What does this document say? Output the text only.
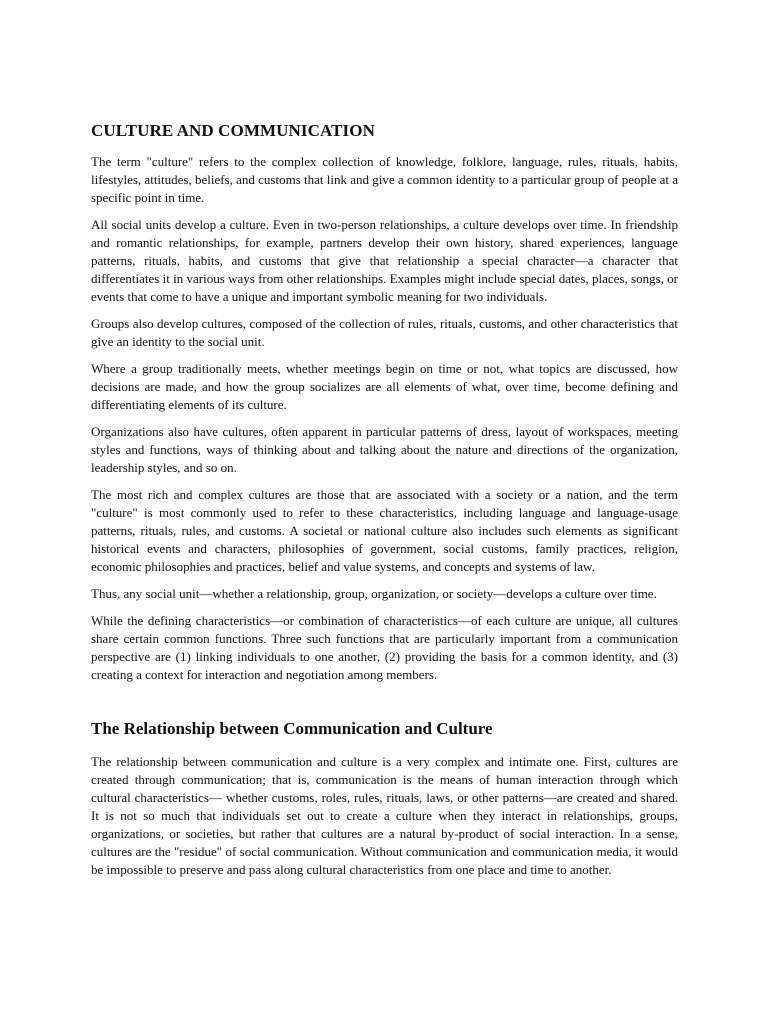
CULTURE AND COMMUNICATION

The term "culture" refers to the complex collection of knowledge, folklore, language, rules, rituals, habits, lifestyles, attitudes, beliefs, and customs that link and give a common identity to a particular group of people at a specific point in time.

All social units develop a culture. Even in two-person relationships, a culture develops over time. In friendship and romantic relationships, for example, partners develop their own history, shared experiences, language patterns, rituals, habits, and customs that give that relationship a special character—a character that differentiates it in various ways from other relationships. Examples might include special dates, places, songs, or events that come to have a unique and important symbolic meaning for two individuals.

Groups also develop cultures, composed of the collection of rules, rituals, customs, and other characteristics that give an identity to the social unit.

Where a group traditionally meets, whether meetings begin on time or not, what topics are discussed, how decisions are made, and how the group socializes are all elements of what, over time, become defining and differentiating elements of its culture.

Organizations also have cultures, often apparent in particular patterns of dress, layout of workspaces, meeting styles and functions, ways of thinking about and talking about the nature and directions of the organization, leadership styles, and so on.

The most rich and complex cultures are those that are associated with a society or a nation, and the term "culture" is most commonly used to refer to these characteristics, including language and language-usage patterns, rituals, rules, and customs. A societal or national culture also includes such elements as significant historical events and characters, philosophies of government, social customs, family practices, religion, economic philosophies and practices, belief and value systems, and concepts and systems of law.

Thus, any social unit—whether a relationship, group, organization, or society—develops a culture over time.

While the defining characteristics—or combination of characteristics—of each culture are unique, all cultures share certain common functions. Three such functions that are particularly important from a communication perspective are (1) linking individuals to one another, (2) providing the basis for a common identity, and (3) creating a context for interaction and negotiation among members.

The Relationship between Communication and Culture

The relationship between communication and culture is a very complex and intimate one. First, cultures are created through communication; that is, communication is the means of human interaction through which cultural characteristics— whether customs, roles, rules, rituals, laws, or other patterns—are created and shared. It is not so much that individuals set out to create a culture when they interact in relationships, groups, organizations, or societies, but rather that cultures are a natural by-product of social interaction. In a sense, cultures are the "residue" of social communication. Without communication and communication media, it would be impossible to preserve and pass along cultural characteristics from one place and time to another.
